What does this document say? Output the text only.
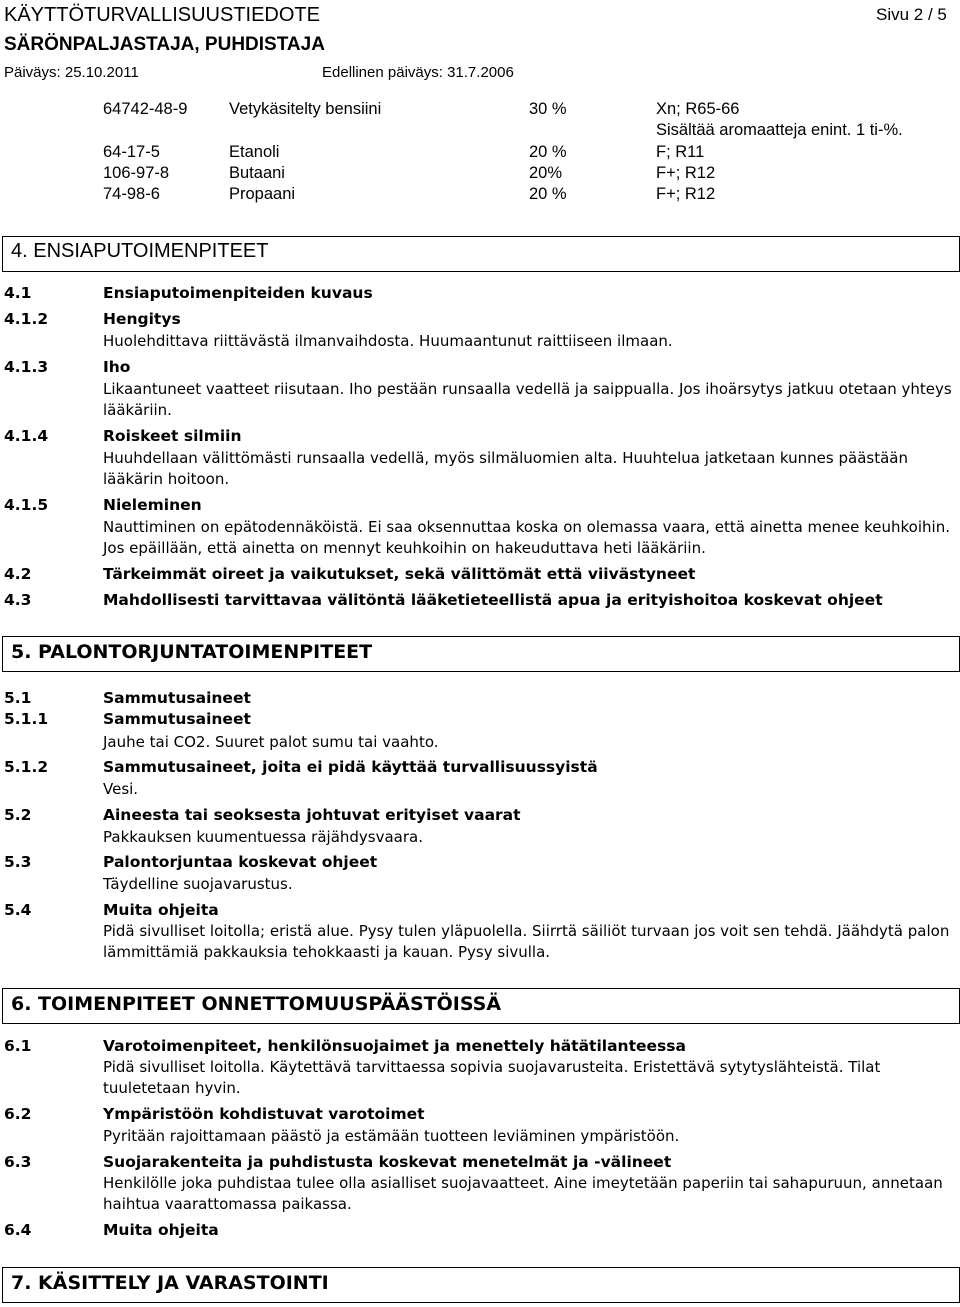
KÄYTTÖTURVALLISUUSTIEDOTE	Sivu 2 / 5
SÄRÖNPALJASTAJA, PUHDISTAJA
Päiväys: 25.10.2011	Edellinen päiväys: 31.7.2006
64742-48-9	Vetykäsitelty bensiini	30 %	Xn; R65-66
Sisältää aromaatteja enint. 1 ti-%.
64-17-5	Etanoli	20 %	F; R11
106-97-8	Butaani	20%	F+; R12
74-98-6	Propaani	20 %	F+; R12
4. ENSIAPUTOIMENPITEET
4.1	Ensiaputoimenpiteiden kuvaus
4.1.2	Hengitys
Huolehdittava riittävästä ilmanvaihdosta. Huumaantunut raittiiseen ilmaan.
4.1.3	Iho
Likaantuneet vaatteet riisutaan. Iho pestään runsaalla vedellä ja saippualla. Jos ihoärsytys jatkuu otetaan yhteys
lääkäriin.
4.1.4	Roiskeet silmiin
Huuhdellaan välittömästi runsaalla vedellä, myös silmäluomien alta. Huuhtelua jatketaan kunnes päästään
lääkärin hoitoon.
4.1.5	Nieleminen
Nauttiminen on epätodennäköistä. Ei saa oksennuttaa koska on olemassa vaara, että ainetta menee keuhkoihin.
Jos epäillään, että ainetta on mennyt keuhkoihin on hakeuduttava heti lääkäriin.
4.2	Tärkeimmät oireet ja vaikutukset, sekä välittömät että viivästyneet
4.3	Mahdollisesti tarvittavaa välitöntä lääketieteellistä apua ja erityishoitoa koskevat ohjeet
5. PALONTORJUNTATOIMENPITEET
5.1	Sammutusaineet
5.1.1	Sammutusaineet
Jauhe tai CO2. Suuret palot sumu tai vaahto.
5.1.2	Sammutusaineet, joita ei pidä käyttää turvallisuussyistä
Vesi.
5.2	Aineesta tai seoksesta johtuvat erityiset vaarat
Pakkauksen kuumentuessa räjähdysvaara.
5.3	Palontorjuntaa koskevat ohjeet
Täydelline suojavarustus.
5.4	Muita ohjeita
Pidä sivulliset loitolla; eristä alue. Pysy tulen yläpuolella. Siirrtä säiliöt turvaan jos voit sen tehdä. Jäähdytä palon
lämmittämiä pakkauksia tehokkaasti ja kauan. Pysy sivulla.
6. TOIMENPITEET ONNETTOMUUSPÄÄSTÖISSÄ
6.1	Varotoimenpiteet, henkilönsuojaimet ja menettely hätätilanteessa
Pidä sivulliset loitolla. Käytettävä tarvittaessa sopivia suojavarusteita. Eristettävä sytytyslähteistä. Tilat
tuuletetaan hyvin.
6.2	Ympäristöön kohdistuvat varotoimet
Pyritään rajoittamaan päästö ja estämään tuotteen leviäminen ympäristöön.
6.3	Suojarakenteita ja puhdistusta koskevat menetelmät ja -välineet
Henkilölle joka puhdistaa tulee olla asialliset suojavaatteet. Aine imeytetään paperiin tai sahapuruun, annetaan
haihtua vaarattomassa paikassa.
6.4	Muita ohjeita
7. KÄSITTELY JA VARASTOINTI
